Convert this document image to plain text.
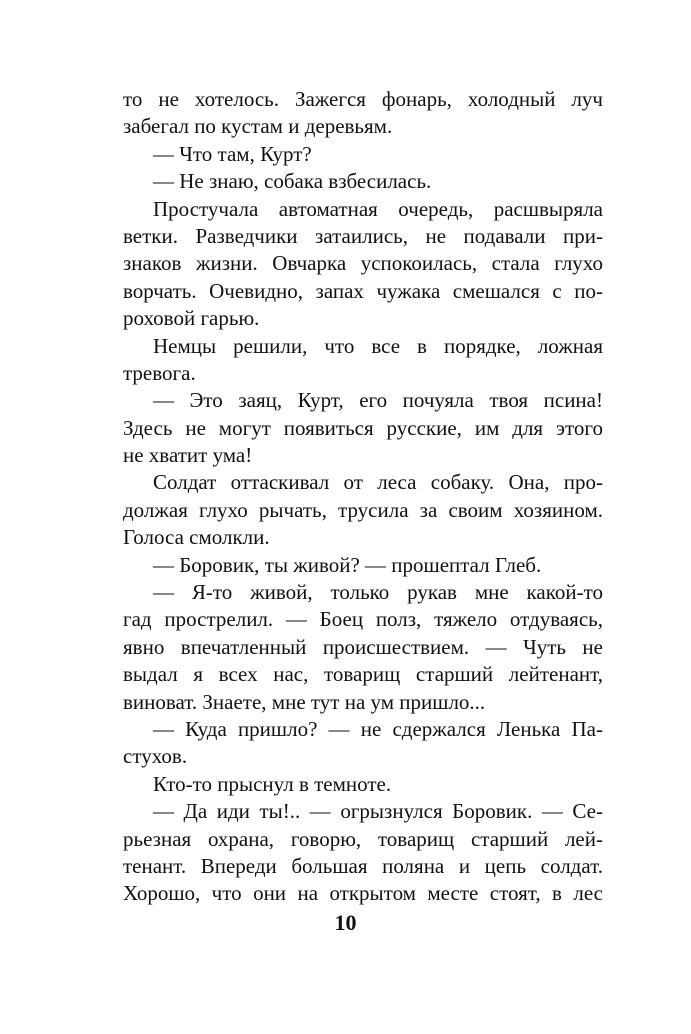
то не хотелось. Зажегся фонарь, холодный луч
забегал по кустам и деревьям.
— Что там, Курт?
— Не знаю, собака взбесилась.
Простучала автоматная очередь, расшвыряла
ветки. Разведчики затаились, не подавали при-
знаков жизни. Овчарка успокоилась, стала глухо
ворчать. Очевидно, запах чужака смешался с по-
роховой гарью.
Немцы решили, что все в порядке, ложная
тревога.
— Это заяц, Курт, его почуяла твоя псина!
Здесь не могут появиться русские, им для этого
не хватит ума!
Солдат оттаскивал от леса собаку. Она, про-
должая глухо рычать, трусила за своим хозяином.
Голоса смолкли.
— Боровик, ты живой? — прошептал Глеб.
— Я-то живой, только рукав мне какой-то
гад прострелил. — Боец полз, тяжело отдуваясь,
явно впечатленный происшествием. — Чуть не
выдал я всех нас, товарищ старший лейтенант,
виноват. Знаете, мне тут на ум пришло...
— Куда пришло? — не сдержался Ленька Па-
стухов.
Кто-то прыснул в темноте.
— Да иди ты!.. — огрызнулся Боровик. — Се-
рьезная охрана, говорю, товарищ старший лей-
тенант. Впереди большая поляна и цепь солдат.
Хорошо, что они на открытом месте стоят, в лес
10
